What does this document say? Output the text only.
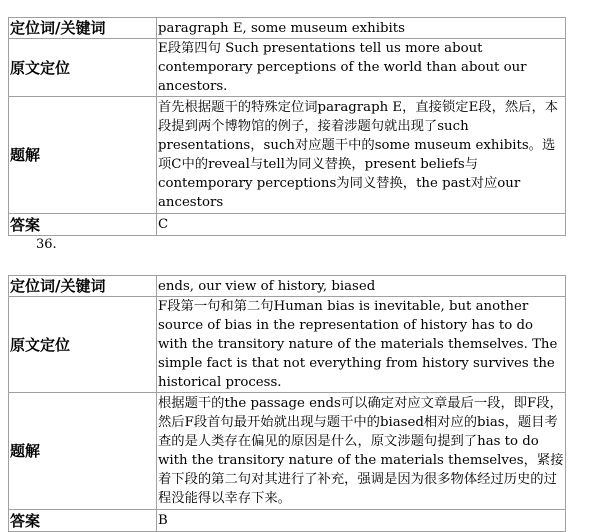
定位词/关键词	paragraph E, some museum exhibits
原文定位	E段第四句 Such presentations tell us more about contemporary perceptions of the world than about our ancestors.
题解	首先根据题干的特殊定位词paragraph E，直接锁定E段，然后，本段提到两个博物馆的例子，接着涉题句就出现了such presentations，such对应题干中的some museum exhibits。选项C中的reveal与tell为同义替换，present beliefs与contemporary perceptions为同义替换，the past对应our ancestors
答案	C
36.
定位词/关键词	ends, our view of history, biased
原文定位	F段第一句和第二句Human bias is inevitable, but another source of bias in the representation of history has to do with the transitory nature of the materials themselves. The simple fact is that not everything from history survives the historical process.
题解	根据题干的the passage ends可以确定对应文章最后一段，即F段，然后F段首句最开始就出现与题干中的biased相对应的bias，题目考查的是人类存在偏见的原因是什么，原文涉题句提到了has to do with the transitory nature of the materials themselves，紧接着下段的第二句对其进行了补充，强调是因为很多物体经过历史的过程没能得以幸存下来。
答案	B
